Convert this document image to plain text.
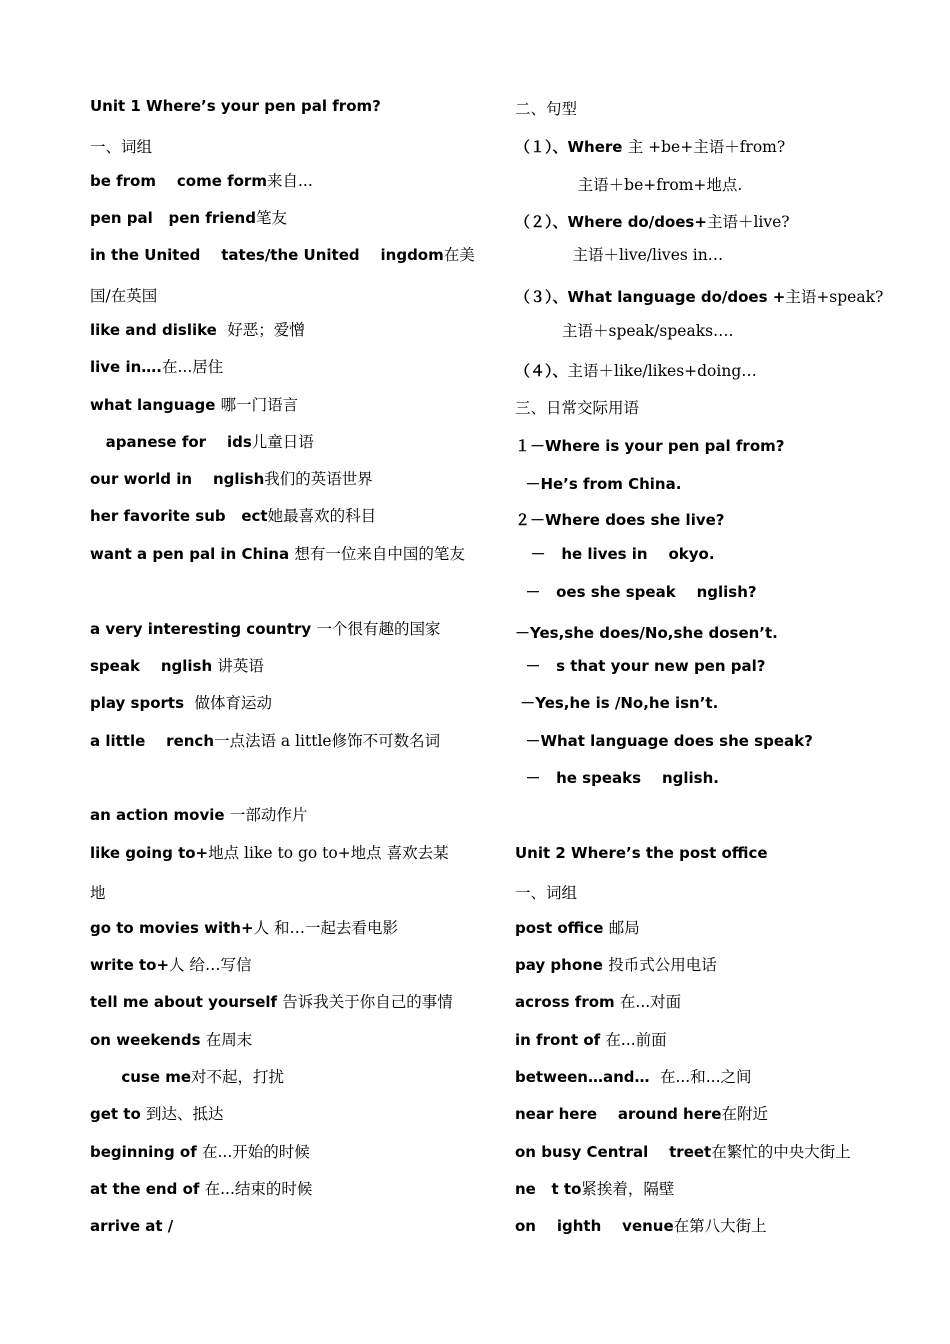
Unit 1 Where’s your pen pal from?
一、词组
be from    come form来自...
pen pal   pen friend笔友
in the United    tates/the United    ingdom在美
国/在英国
like and dislike  好恶；爱憎
live in….在...居住
what language 哪一门语言
apanese for    ids儿童日语
our world in    nglish我们的英语世界
her favorite sub   ect她最喜欢的科目
want a pen pal in China 想有一位来自中国的笔友
a very interesting country 一个很有趣的国家
speak    nglish 讲英语
play sports  做体育运动
a little    rench一点法语 a little修饰不可数名词
an action movie 一部动作片
like going to+地点 like to go to+地点 喜欢去某
地
go to movies with+人 和…一起去看电影
write to+人 给…写信
tell me about yourself 告诉我关于你自己的事情
on weekends 在周末
cuse me对不起，打扰
get to 到达、抵达
beginning of 在...开始的时候
at the end of 在...结束的时候
arrive at /
二、句型
（１）、Where 主 +be+主语＋from?
主语＋be+from+地点.
（２）、Where do/does+主语＋live?
主语＋live/lives in…
（３）、What language do/does +主语+speak?
主语＋speak/speaks….
（４）、主语＋like/likes+doing…
三、日常交际用语
１－Where is your pen pal from?
－He’s from China.
２－Where does she live?
－   he lives in    okyo.
－   oes she speak    nglish?
－Yes,she does/No,she dosen’t.
－   s that your new pen pal?
－Yes,he is /No,he isn’t.
－What language does she speak?
－   he speaks    nglish.
Unit 2 Where’s the post office
一、词组
post office 邮局
pay phone 投币式公用电话
across from 在...对面
in front of 在...前面
between…and…  在...和...之间
near here    around here在附近
on busy Central    treet在繁忙的中央大街上
ne   t to紧挨着，隔壁
on    ighth    venue在第八大街上
